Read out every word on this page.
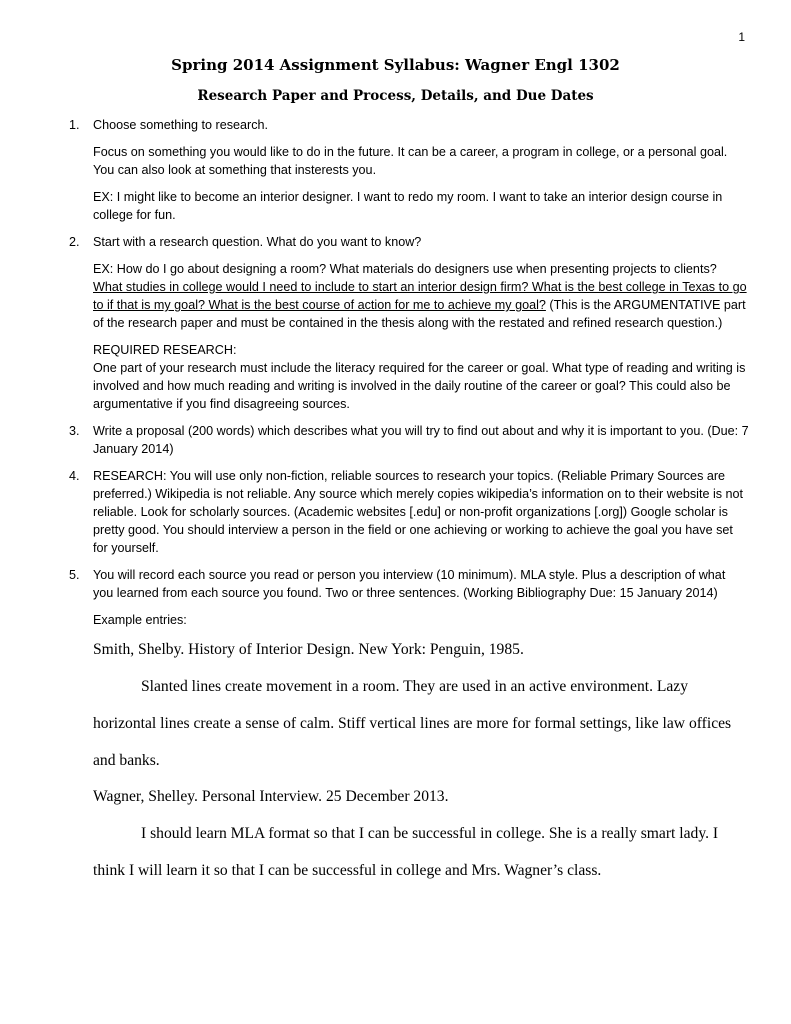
1
Spring 2014 Assignment Syllabus: Wagner Engl 1302
Research Paper and Process, Details, and Due Dates
1. Choose something to research.

Focus on something you would like to do in the future. It can be a career, a program in college, or a personal goal. You can also look at something that insterests you.

EX: I might like to become an interior designer. I want to redo my room. I want to take an interior design course in college for fun.

2. Start with a research question. What do you want to know?

EX: How do I go about designing a room? What materials do designers use when presenting projects to clients? What studies in college would I need to include to start an interior design firm? What is the best college in Texas to go to if that is my goal? What is the best course of action for me to achieve my goal? (This is the ARGUMENTATIVE part of the research paper and must be contained in the thesis along with the restated and refined research question.)

REQUIRED RESEARCH:
One part of your research must include the literacy required for the career or goal. What type of reading and writing is involved and how much reading and writing is involved in the daily routine of the career or goal? This could also be argumentative if you find disagreeing sources.

3. Write a proposal (200 words) which describes what you will try to find out about and why it is important to you. (Due: 7 January 2014)

4. RESEARCH: You will use only non-fiction, reliable sources to research your topics. (Reliable Primary Sources are preferred.) Wikipedia is not reliable. Any source which merely copies wikipedia’s information on to their website is not reliable. Look for scholarly sources. (Academic websites [.edu] or non-profit organizations [.org]) Google scholar is pretty good. You should interview a person in the field or one achieving or working to achieve the goal you have set for yourself.

5. You will record each source you read or person you interview (10 minimum). MLA style. Plus a description of what you learned from each source you found. Two or three sentences. (Working Bibliography Due: 15 January 2014)

Example entries:

Smith, Shelby. History of Interior Design. New York: Penguin, 1985.

Slanted lines create movement in a room. They are used in an active environment. Lazy horizontal lines create a sense of calm. Stiff vertical lines are more for formal settings, like law offices and banks.

Wagner, Shelley. Personal Interview. 25 December 2013.

I should learn MLA format so that I can be successful in college. She is a really smart lady. I think I will learn it so that I can be successful in college and Mrs. Wagner’s class.
